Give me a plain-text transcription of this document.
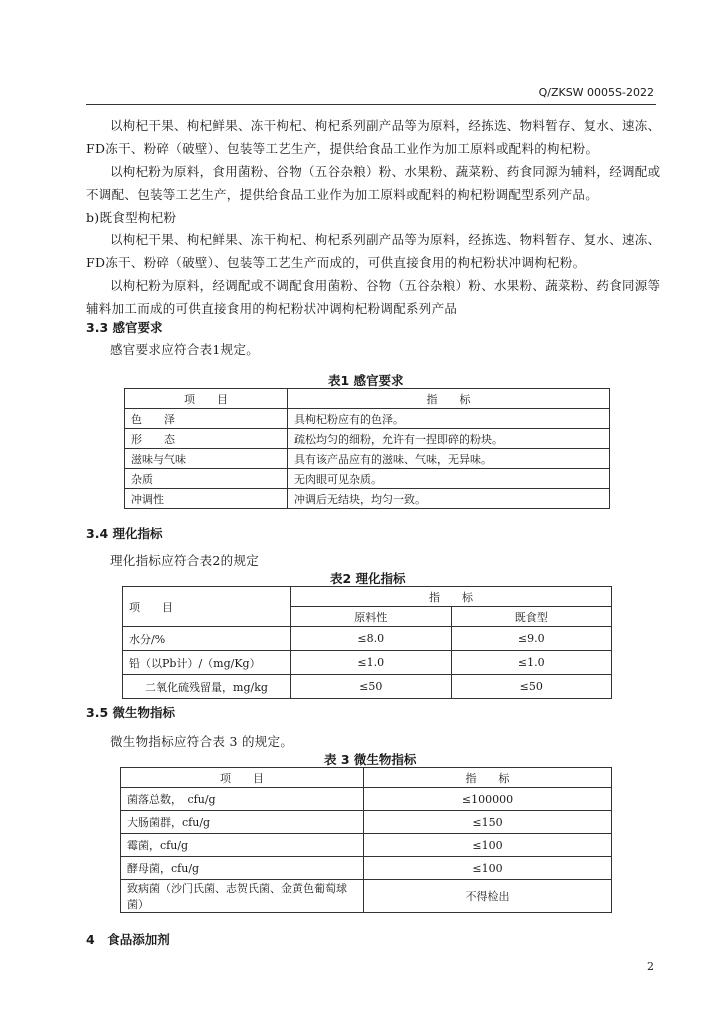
Q/ZKSW 0005S-2022
以枸杞干果、枸杞鲜果、冻干枸杞、枸杞系列副产品等为原料，经拣选、物料暂存、复水、速冻、
FD冻干、粉碎（破壁）、包装等工艺生产，提供给食品工业作为加工原料或配料的枸杞粉。
以枸杞粉为原料，食用菌粉、谷物（五谷杂粮）粉、水果粉、蔬菜粉、药食同源为辅料，经调配或
不调配、包装等工艺生产，提供给食品工业作为加工原料或配料的枸杞粉调配型系列产品。
b)既食型枸杞粉
以枸杞干果、枸杞鲜果、冻干枸杞、枸杞系列副产品等为原料，经拣选、物料暂存、复水、速冻、
FD冻干、粉碎（破壁）、包装等工艺生产而成的，可供直接食用的枸杞粉状冲调枸杞粉。
以枸杞粉为原料，经调配或不调配食用菌粉、谷物（五谷杂粮）粉、水果粉、蔬菜粉、药食同源等
辅料加工而成的可供直接食用的枸杞粉状冲调枸杞粉调配系列产品
3.3 感官要求
感官要求应符合表1规定。
表1 感官要求
项　　目	指　　标
色　　泽	具枸杞粉应有的色泽。
形　　态	疏松均匀的细粉，允许有一捏即碎的粉块。
滋味与气味	具有该产品应有的滋味、气味，无异味。
杂质	无肉眼可见杂质。
冲调性	冲调后无结块，均匀一致。
3.4 理化指标
理化指标应符合表2的规定
表2 理化指标
项　　目	指　　标	
	原料性	既食型
水分/%	≤8.0	≤9.0
铅（以Pb计）/（mg/Kg）	≤1.0	≤1.0
二氧化硫残留量，mg/kg	≤50	≤50
3.5 微生物指标
微生物指标应符合表 3 的规定。
表 3 微生物指标
项　　目	指　　标
菌落总数，　cfu/g	≤100000
大肠菌群，cfu/g	≤150
霉菌，cfu/g	≤100
酵母菌，cfu/g	≤100
致病菌（沙门氏菌、志贺氏菌、金黄色葡萄球菌）	不得检出
4　食品添加剂
2
